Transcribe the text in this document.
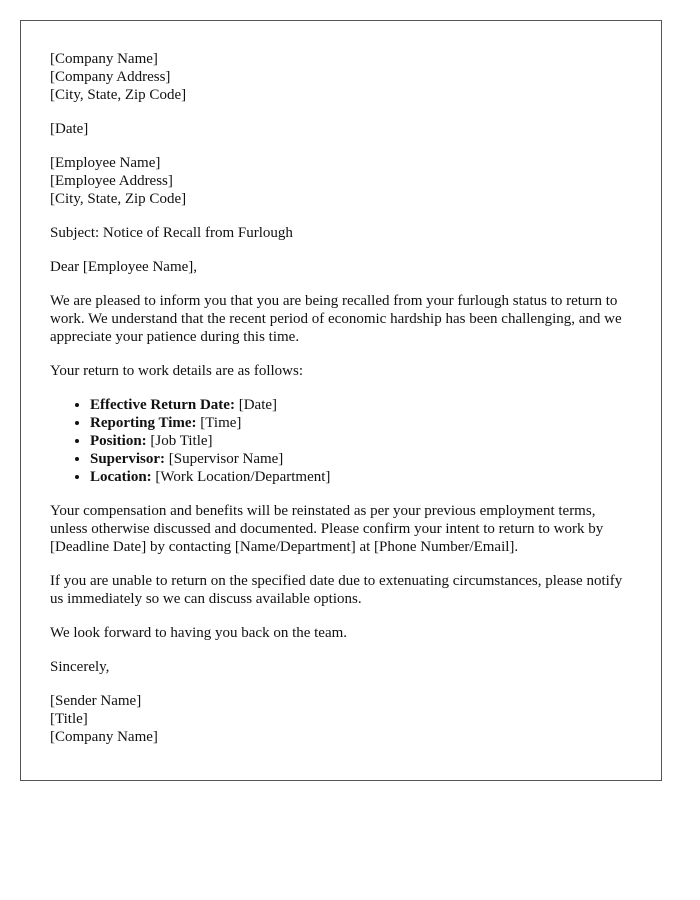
[Company Name]
[Company Address]
[City, State, Zip Code]

[Date]

[Employee Name]
[Employee Address]
[City, State, Zip Code]

Subject: Notice of Recall from Furlough

Dear [Employee Name],

We are pleased to inform you that you are being recalled from your furlough status to return to work. We understand that the recent period of economic hardship has been challenging, and we appreciate your patience during this time.

Your return to work details are as follows:

• Effective Return Date: [Date]
• Reporting Time: [Time]
• Position: [Job Title]
• Supervisor: [Supervisor Name]
• Location: [Work Location/Department]

Your compensation and benefits will be reinstated as per your previous employment terms, unless otherwise discussed and documented. Please confirm your intent to return to work by [Deadline Date] by contacting [Name/Department] at [Phone Number/Email].

If you are unable to return on the specified date due to extenuating circumstances, please notify us immediately so we can discuss available options.

We look forward to having you back on the team.

Sincerely,

[Sender Name]
[Title]
[Company Name]
